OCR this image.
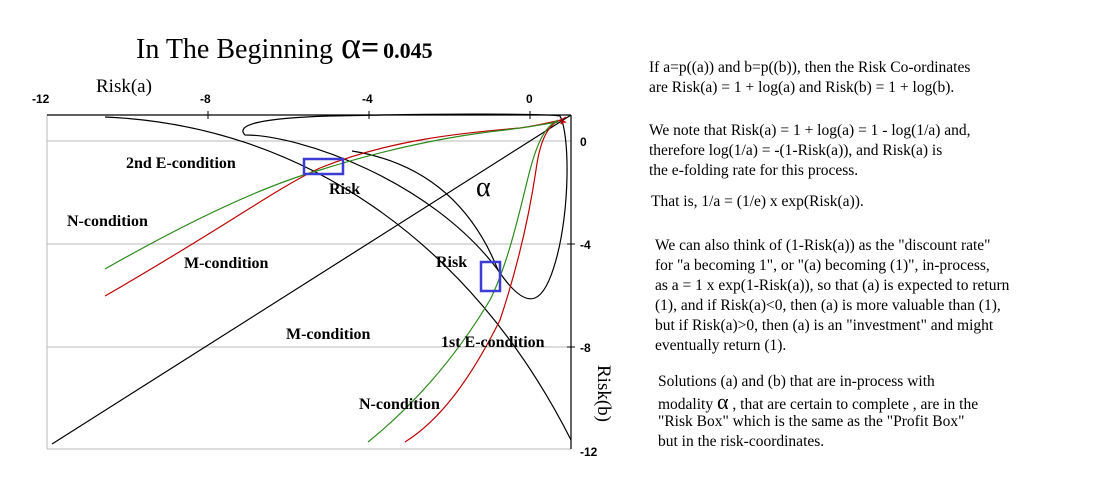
In The Beginning α= 0.045
-12	-8	-4	0
0
-4
-8
-12
Risk(a)
Risk(b)
2nd E-condition
Risk	α
N-condition
M-condition	Risk
M-condition	1st E-condition
N-condition
If a=p((a)) and b=p((b)), then the Risk Co-ordinates
are Risk(a) = 1 + log(a) and Risk(b) = 1 + log(b).
We note that Risk(a) = 1 + log(a) = 1 - log(1/a) and,
therefore log(1/a) = -(1-Risk(a)), and Risk(a) is
the e-folding rate for this process.
That is, 1/a = (1/e) x exp(Risk(a)).
We can also think of (1-Risk(a)) as the "discount rate"
for "a becoming 1", or "(a) becoming (1)", in-process,
as a = 1 x exp(1-Risk(a)), so that (a) is expected to return
(1), and if Risk(a)<0, then (a) is more valuable than (1),
but if Risk(a)>0, then (a) is an "investment" and might
eventually return (1).
Solutions (a) and (b) that are in-process with
modality α , that are certain to complete , are in the
"Risk Box" which is the same as the "Profit Box"
but in the risk-coordinates.
